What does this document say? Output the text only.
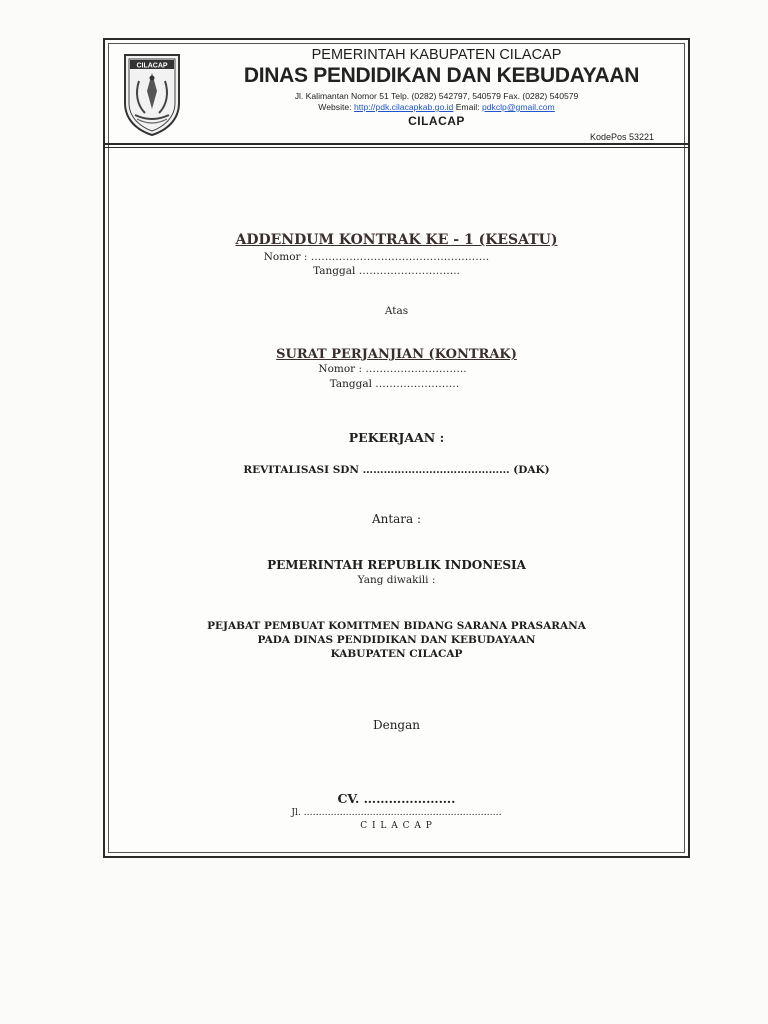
CILACAP
PEMERINTAH KABUPATEN CILACAP
DINAS PENDIDIKAN DAN KEBUDAYAAN
Jl. Kalimantan Nomor 51 Telp. (0282) 542797, 540579 Fax. (0282) 540579
Website: http://pdk.cilacapkab.go.id Email: pdkclp@gmail.com
CILACAP
KodePos 53221
ADDENDUM KONTRAK KE - 1 (KESATU)
Nomor : ……………………………………………
Tanggal ………………………..
Atas
SURAT PERJANJIAN (KONTRAK)
Nomor : ………………………..
Tanggal ……………………
PEKERJAAN :
REVITALISASI SDN …………………………………… (DAK)
Antara :
PEMERINTAH REPUBLIK INDONESIA
Yang diwakili :
PEJABAT PEMBUAT KOMITMEN BIDANG SARANA PRASARANA
PADA DINAS PENDIDIKAN DAN KEBUDAYAAN
KABUPATEN CILACAP
Dengan
CV. ………………….
Jl. …………………………………………………………
C I L A C A P
